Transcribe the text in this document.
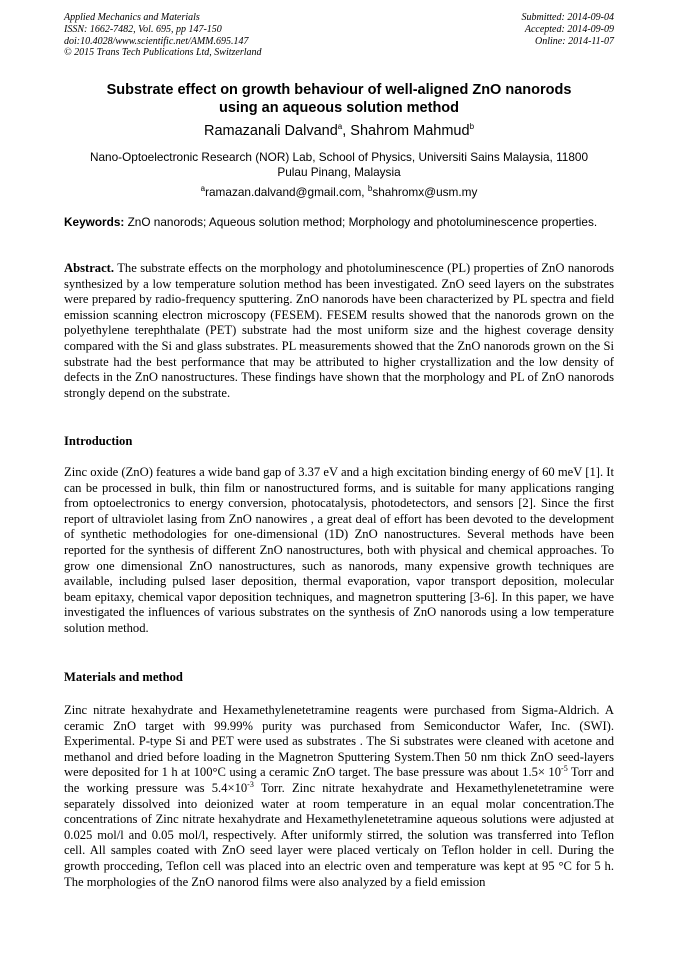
Applied Mechanics and Materials
ISSN: 1662-7482, Vol. 695, pp 147-150
doi:10.4028/www.scientific.net/AMM.695.147
© 2015 Trans Tech Publications Ltd, Switzerland
Submitted: 2014-09-04
Accepted: 2014-09-09
Online: 2014-11-07
Substrate effect on growth behaviour of well-aligned ZnO nanorods
using an aqueous solution method
Ramazanali Dalvand$^a$, Shahrom Mahmud$^b$
Nano-Optoelectronic Research (NOR) Lab, School of Physics, Universiti Sains Malaysia, 11800
Pulau Pinang, Malaysia
$^a$ramazan.dalvand@gmail.com, $^b$shahromx@usm.my
Keywords: ZnO nanorods; Aqueous solution method; Morphology and photoluminescence properties.
Abstract. The substrate effects on the morphology and photoluminescence (PL) properties of ZnO nanorods synthesized by a low temperature solution method has been investigated. ZnO seed layers on the substrates were prepared by radio-frequency sputtering. ZnO nanorods have been characterized by PL spectra and field emission scanning electron microscopy (FESEM). FESEM results showed that the nanorods grown on the polyethylene terephthalate (PET) substrate had the most uniform size and the highest coverage density compared with the Si and glass substrates. PL measurements showed that the ZnO nanorods grown on the Si substrate had the best performance that may be attributed to higher crystallization and the low density of defects in the ZnO nanostructures. These findings have shown that the morphology and PL of ZnO nanorods strongly depend on the substrate.
Introduction
Zinc oxide (ZnO) features a wide band gap of 3.37 eV and a high excitation binding energy of 60 meV [1]. It can be processed in bulk, thin film or nanostructured forms, and is suitable for many applications ranging from optoelectronics to energy conversion, photocatalysis, photodetectors, and sensors [2]. Since the first report of ultraviolet lasing from ZnO nanowires , a great deal of effort has been devoted to the development of synthetic methodologies for one-dimensional (1D) ZnO nanostructures. Several methods have been reported for the synthesis of different ZnO nanostructures, both with physical and chemical approaches. To grow one dimensional ZnO nanostructures, such as nanorods, many expensive growth techniques are available, including pulsed laser deposition, thermal evaporation, vapor transport deposition, molecular beam epitaxy, chemical vapor deposition techniques, and magnetron sputtering [3-6]. In this paper, we have investigated the influences of various substrates on the synthesis of ZnO nanorods using a low temperature solution method.
Materials and method
Zinc nitrate hexahydrate and Hexamethylenetetramine reagents were purchased from Sigma-Aldrich. A ceramic ZnO target with 99.99% purity was purchased from Semiconductor Wafer, Inc. (SWI). Experimental. P-type Si and PET were used as substrates . The Si substrates were cleaned with acetone and methanol and dried before loading in the Magnetron Sputtering System.Then 50 nm thick ZnO seed-layers were deposited for 1 h at 100°C using a ceramic ZnO target. The base pressure was about $1.5\times 10^{-5}$ Torr and the working pressure was $5.4\times 10^{-3}$ Torr. Zinc nitrate hexahydrate and Hexamethylenetetramine were separately dissolved into deionized water at room temperature in an equal molar concentration.The concentrations of Zinc nitrate hexahydrate and Hexamethylenetetramine aqueous solutions were adjusted at 0.025 mol/l and 0.05 mol/l, respectively. After uniformly stirred, the solution was transferred into Teflon cell. All samples coated with ZnO seed layer were placed verticaly on Teflon holder in cell. During the growth procceding, Teflon cell was placed into an electric oven and temperature was kept at 95 °C for 5 h. The morphologies of the ZnO nanorod films were also analyzed by a field emission
